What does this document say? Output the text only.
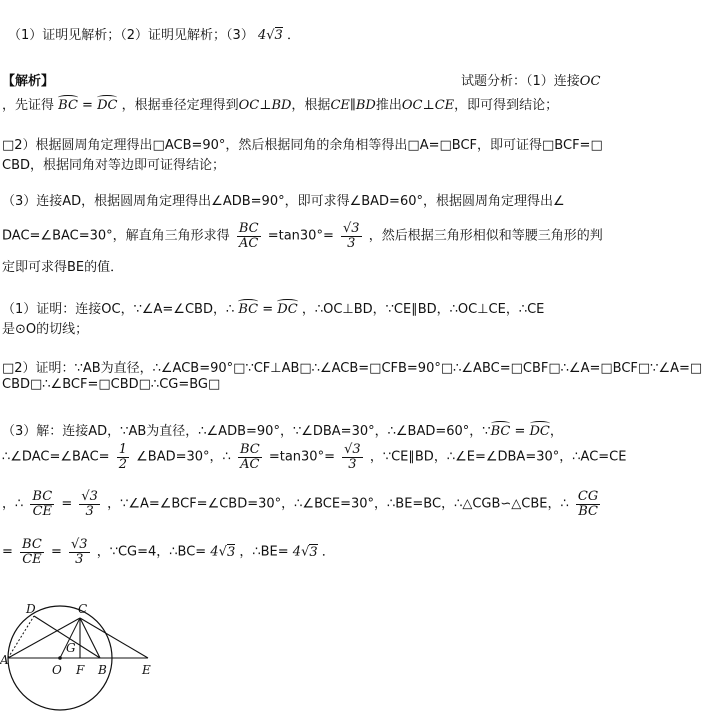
（1）证明见解析；（2）证明见解析；（3） 4√3 ．
【解析】	试题分析：（1）连接OC
，先证得 BC = DC ，根据垂径定理得到OC⊥BD，根据CE∥BD推出OC⊥CE，即可得到结论；
□2）根据圆周角定理得出□ACB=90°，然后根据同角的余角相等得出□A=□BCF，即可证得□BCF=□
CBD，根据同角对等边即可证得结论；
（3）连接AD，根据圆周角定理得出∠ADB=90°，即可求得∠BAD=60°，根据圆周角定理得出∠
DAC=∠BAC=30°，解直角三角形求得 $\frac{BC}{AC} =\tan 30^\circ= \frac{√3}{3}$ ，然后根据三角形相似和等腰三角形的判
定即可求得BE的值．
（1）证明：连接OC，∵∠A=∠CBD，∴ BC = DC ，∴OC⊥BD，∵CE∥BD，∴OC⊥CE，∴CE
是⊙O的切线；
□2）证明：∵AB为直径，∴∠ACB=90°□∵CF⊥AB□∴∠ACB=□CFB=90°□∴∠ABC=□CBF□∴∠A=□BCF□∵∠A=□
CBD□∴∠BCF=□CBD□∴CG=BG□
（3）解：连接AD，∵AB为直径，∴∠ADB=90°，∵∠DBA=30°，∴∠BAD=60°，∵BC = DC，
∴∠DAC=∠BAC= $\frac{1}{2}$ ∠BAD=30°，∴ $\frac{BC}{AC} =\tan 30^\circ= \frac{√3}{3}$ ，∵CE∥BD，∴∠E=∠DBA=30°，∴AC=CE
，∴ $\frac{BC}{CE} = \frac{√3}{3}$ ，∵∠A=∠BCF=∠CBD=30°，∴∠BCE=30°，∴BE=BC，∴△CGB∽△CBE，∴ $\frac{CG}{BC}$
= $\frac{BC}{CE} = \frac{√3}{3}$ ，∵CG=4，∴BC= 4√3 ，∴BE= 4√3 ．
D	C
A
O
G
F B	E
